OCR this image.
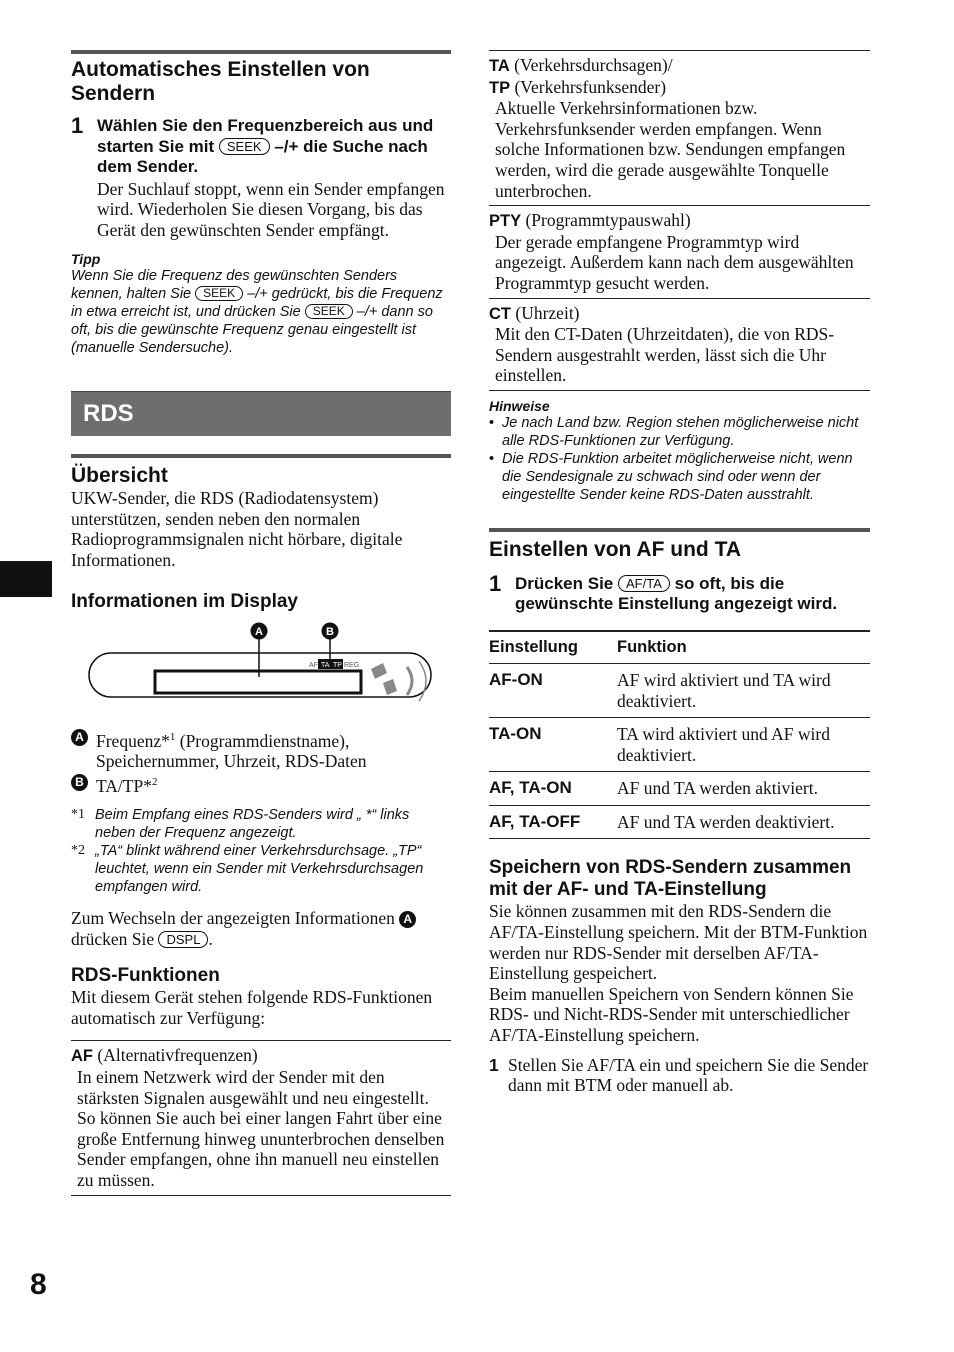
Automatisches Einstellen von Sendern
1 Wählen Sie den Frequenzbereich aus und starten Sie mit SEEK –/+ die Suche nach dem Sender.
Der Suchlauf stoppt, wenn ein Sender empfangen wird. Wiederholen Sie diesen Vorgang, bis das Gerät den gewünschten Sender empfängt.
Tipp
Wenn Sie die Frequenz des gewünschten Senders kennen, halten Sie SEEK –/+ gedrückt, bis die Frequenz in etwa erreicht ist, und drücken Sie SEEK –/+ dann so oft, bis die gewünschte Frequenz genau eingestellt ist (manuelle Sendersuche).
RDS
Übersicht
UKW-Sender, die RDS (Radiodatensystem) unterstützen, senden neben den normalen Radioprogrammsignalen nicht hörbare, digitale Informationen.
Informationen im Display
A	B
AF TA TP REG
A Frequenz*$^1$ (Programmdienstname), Speichernummer, Uhrzeit, RDS-Daten
B TA/TP*$^2$
*1 Beim Empfang eines RDS-Senders wird „ *“ links neben der Frequenz angezeigt.
*2 „TA“ blinkt während einer Verkehrsdurchsage. „TP“ leuchtet, wenn ein Sender mit Verkehrsdurchsagen empfangen wird.
Zum Wechseln der angezeigten Informationen A drücken Sie DSPL .
RDS-Funktionen
Mit diesem Gerät stehen folgende RDS-Funktionen automatisch zur Verfügung:
AF (Alternativfrequenzen)
In einem Netzwerk wird der Sender mit den stärksten Signalen ausgewählt und neu eingestellt. So können Sie auch bei einer langen Fahrt über eine große Entfernung hinweg ununterbrochen denselben Sender empfangen, ohne ihn manuell neu einstellen zu müssen.
TA (Verkehrsdurchsagen)/
TP (Verkehrsfunksender)
Aktuelle Verkehrsinformationen bzw. Verkehrsfunksender werden empfangen. Wenn solche Informationen bzw. Sendungen empfangen werden, wird die gerade ausgewählte Tonquelle unterbrochen.
PTY (Programmtypauswahl)
Der gerade empfangene Programmtyp wird angezeigt. Außerdem kann nach dem ausgewählten Programmtyp gesucht werden.
CT (Uhrzeit)
Mit den CT-Daten (Uhrzeitdaten), die von RDS-Sendern ausgestrahlt werden, lässt sich die Uhr einstellen.
Hinweise
• Je nach Land bzw. Region stehen möglicherweise nicht alle RDS-Funktionen zur Verfügung.
• Die RDS-Funktion arbeitet möglicherweise nicht, wenn die Sendesignale zu schwach sind oder wenn der eingestellte Sender keine RDS-Daten ausstrahlt.
Einstellen von AF und TA
1 Drücken Sie AF/TA so oft, bis die gewünschte Einstellung angezeigt wird.
Einstellung	Funktion
AF-ON	AF wird aktiviert und TA wird deaktiviert.
TA-ON	TA wird aktiviert und AF wird deaktiviert.
AF, TA-ON	AF und TA werden aktiviert.
AF, TA-OFF	AF und TA werden deaktiviert.
Speichern von RDS-Sendern zusammen mit der AF- und TA-Einstellung
Sie können zusammen mit den RDS-Sendern die AF/TA-Einstellung speichern. Mit der BTM-Funktion werden nur RDS-Sender mit derselben AF/TA-Einstellung gespeichert.
Beim manuellen Speichern von Sendern können Sie RDS- und Nicht-RDS-Sender mit unterschiedlicher AF/TA-Einstellung speichern.
1 Stellen Sie AF/TA ein und speichern Sie die Sender dann mit BTM oder manuell ab.
8
